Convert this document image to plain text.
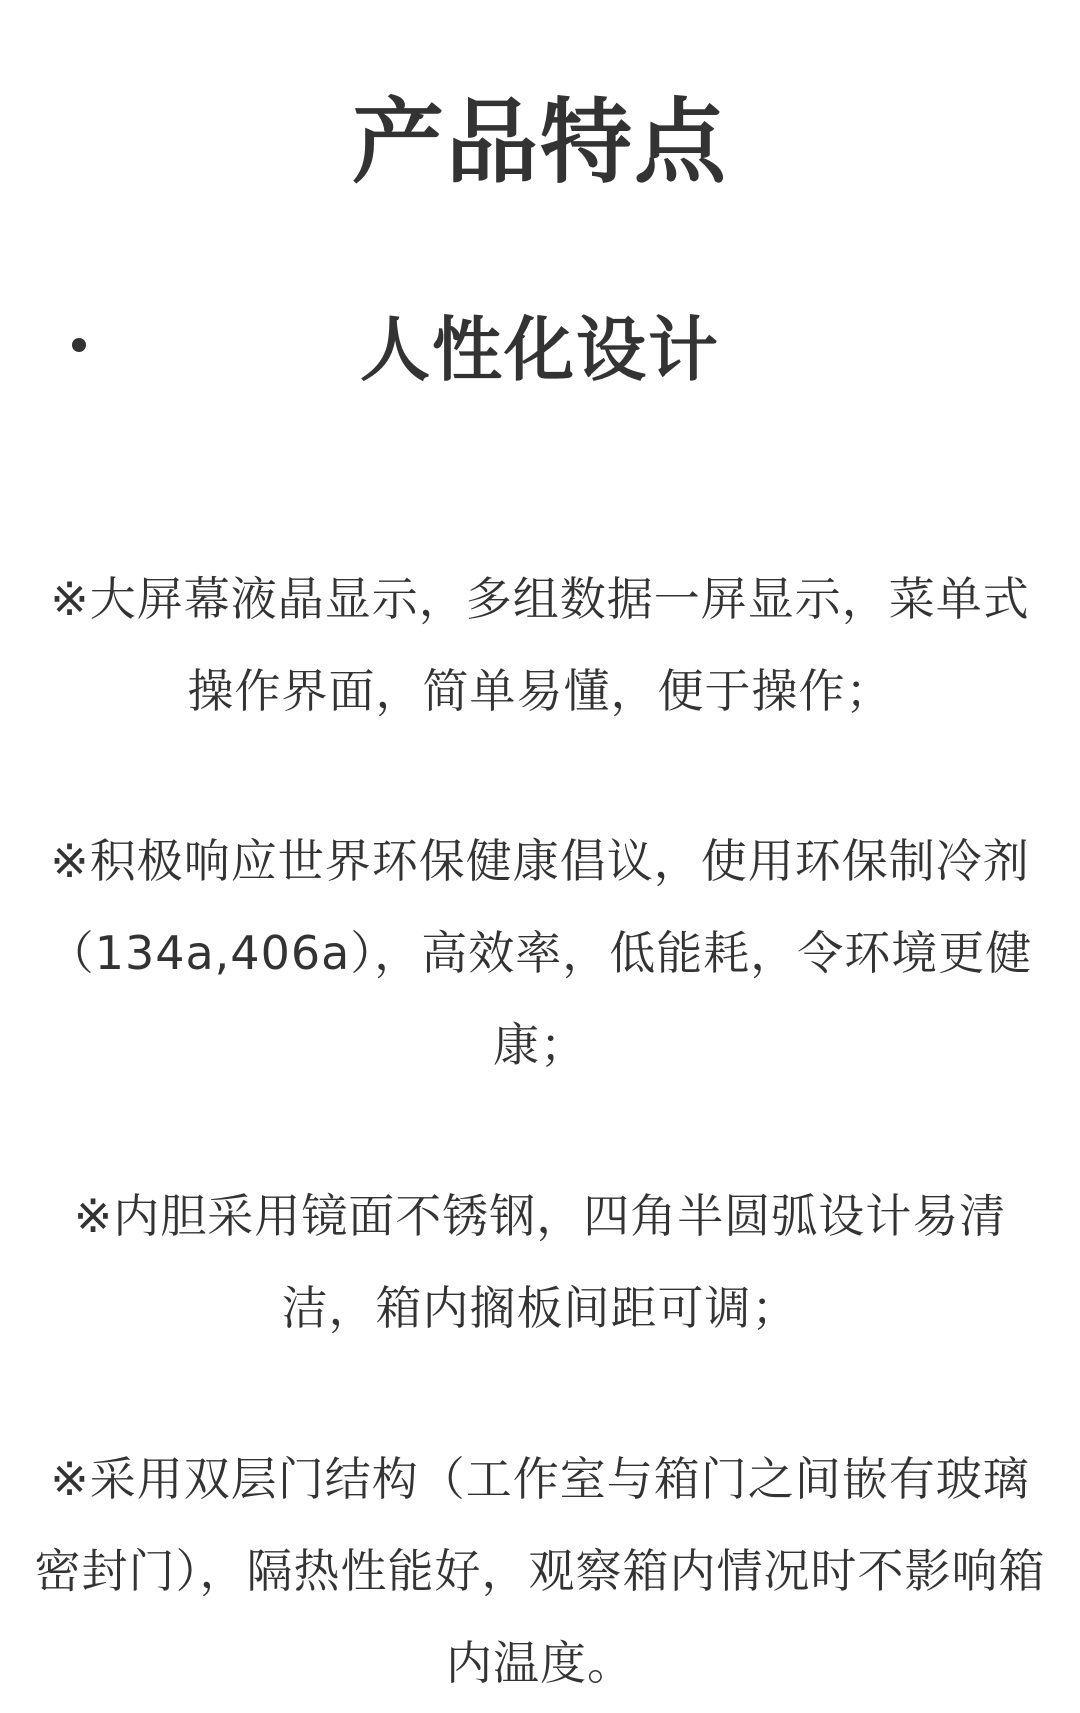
产品特点
人性化设计
※大屏幕液晶显示，多组数据一屏显示，菜单式操作界面，简单易懂，便于操作；
※积极响应世界环保健康倡议，使用环保制冷剂（134a,406a），高效率，低能耗，令环境更健康；
※内胆采用镜面不锈钢，四角半圆弧设计易清洁，箱内搁板间距可调；
※采用双层门结构（工作室与箱门之间嵌有玻璃密封门），隔热性能好，观察箱内情况时不影响箱内温度。
